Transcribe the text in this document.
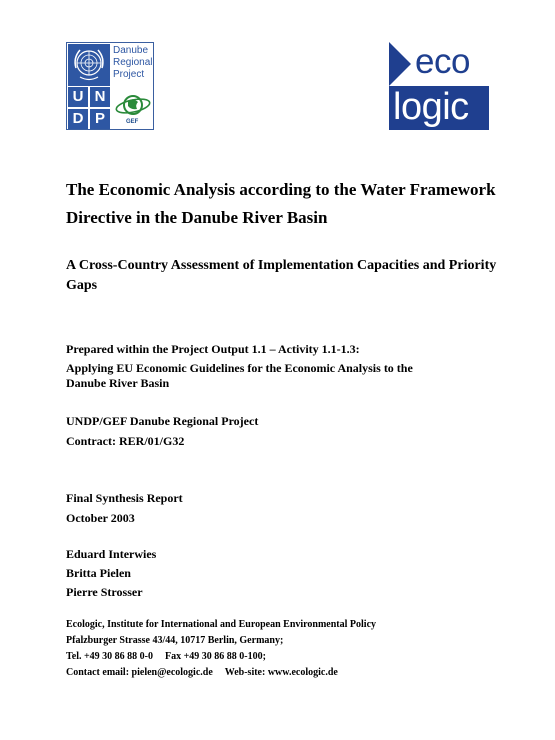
Danube
Regional
Project
U N
D P	GEF
eco
logic
The Economic Analysis according to the Water Framework Directive in the Danube River Basin
A Cross-Country Assessment of Implementation Capacities and Priority Gaps
Prepared within the Project Output 1.1 – Activity 1.1-1.3:
Applying EU Economic Guidelines for the Economic Analysis to the Danube River Basin
UNDP/GEF Danube Regional Project
Contract: RER/01/G32
Final Synthesis Report
October 2003
Eduard Interwies
Britta Pielen
Pierre Strosser
Ecologic, Institute for International and European Environmental Policy
Pfalzburger Strasse 43/44, 10717 Berlin, Germany;
Tel. +49 30 86 88 0-0 Fax +49 30 86 88 0-100;
Contact email: pielen@ecologic.de Web-site: www.ecologic.de
